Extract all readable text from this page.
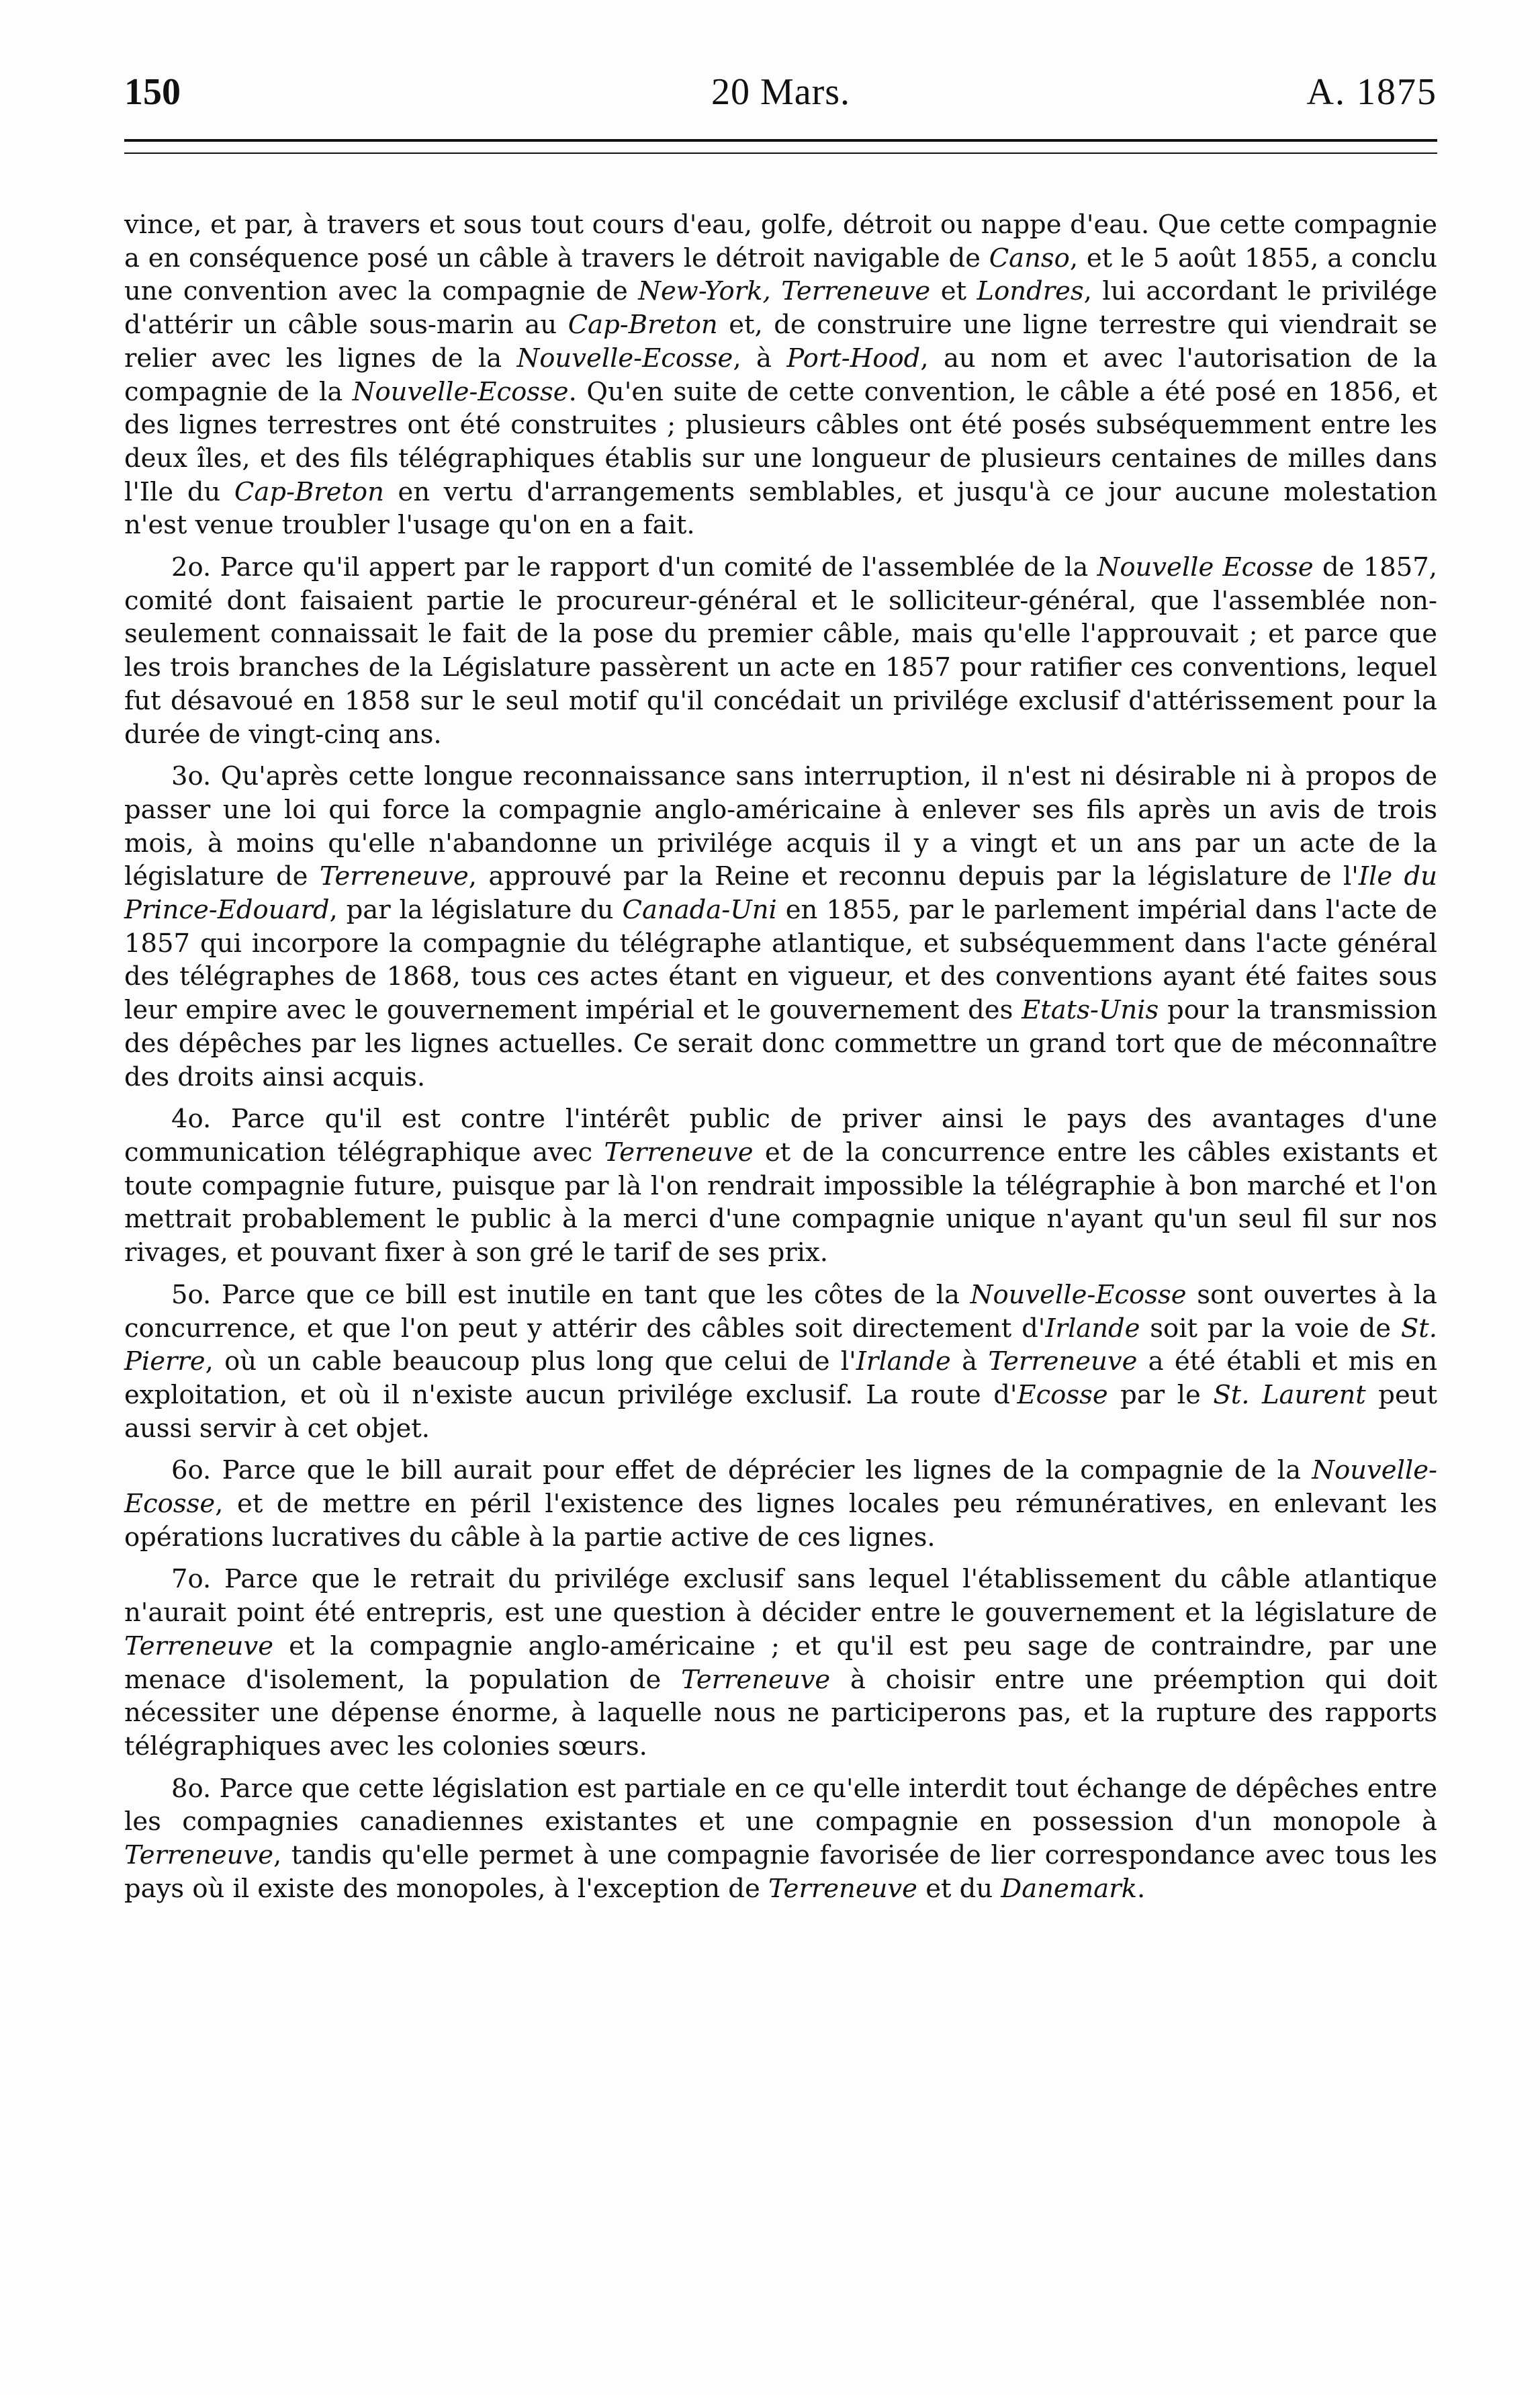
150	20 Mars.	A. 1875

vince, et par, à travers et sous tout cours d'eau, golfe, détroit ou nappe d'eau. Que cette compagnie a en conséquence posé un câble à travers le détroit navigable de Canso, et le 5 août 1855, a conclu une convention avec la compagnie de New-York, Terreneuve et Londres, lui accordant le privilége d'attérir un câble sous-marin au Cap-Breton et, de construire une ligne terrestre qui viendrait se relier avec les lignes de la Nouvelle-Ecosse, à Port-Hood, au nom et avec l'autorisation de la compagnie de la Nouvelle-Ecosse. Qu'en suite de cette convention, le câble a été posé en 1856, et des lignes terrestres ont été construites ; plusieurs câbles ont été posés subséquemment entre les deux îles, et des fils télégraphiques établis sur une longueur de plusieurs centaines de milles dans l'Ile du Cap-Breton en vertu d'arrangements semblables, et jusqu'à ce jour aucune molestation n'est venue troubler l'usage qu'on en a fait.

2o. Parce qu'il appert par le rapport d'un comité de l'assemblée de la Nouvelle Ecosse de 1857, comité dont faisaient partie le procureur-général et le solliciteur-général, que l'assemblée non-seulement connaissait le fait de la pose du premier câble, mais qu'elle l'approuvait ; et parce que les trois branches de la Législature passèrent un acte en 1857 pour ratifier ces conventions, lequel fut désavoué en 1858 sur le seul motif qu'il concédait un privilége exclusif d'attérissement pour la durée de vingt-cinq ans.

3o. Qu'après cette longue reconnaissance sans interruption, il n'est ni désirable ni à propos de passer une loi qui force la compagnie anglo-américaine à enlever ses fils après un avis de trois mois, à moins qu'elle n'abandonne un privilége acquis il y a vingt et un ans par un acte de la législature de Terreneuve, approuvé par la Reine et reconnu depuis par la législature de l'Ile du Prince-Edouard, par la législature du Canada-Uni en 1855, par le parlement impérial dans l'acte de 1857 qui incorpore la compagnie du télégraphe atlantique, et subséquemment dans l'acte général des télégraphes de 1868, tous ces actes étant en vigueur, et des conventions ayant été faites sous leur empire avec le gouvernement impérial et le gouvernement des Etats-Unis pour la transmission des dépêches par les lignes actuelles. Ce serait donc commettre un grand tort que de méconnaître des droits ainsi acquis.

4o. Parce qu'il est contre l'intérêt public de priver ainsi le pays des avantages d'une communication télégraphique avec Terreneuve et de la concurrence entre les câbles existants et toute compagnie future, puisque par là l'on rendrait impossible la télégraphie à bon marché et l'on mettrait probablement le public à la merci d'une compagnie unique n'ayant qu'un seul fil sur nos rivages, et pouvant fixer à son gré le tarif de ses prix.

5o. Parce que ce bill est inutile en tant que les côtes de la Nouvelle-Ecosse sont ouvertes à la concurrence, et que l'on peut y attérir des câbles soit directement d'Irlande soit par la voie de St. Pierre, où un cable beaucoup plus long que celui de l'Irlande à Terreneuve a été établi et mis en exploitation, et où il n'existe aucun privilége exclusif. La route d'Ecosse par le St. Laurent peut aussi servir à cet objet.

6o. Parce que le bill aurait pour effet de déprécier les lignes de la compagnie de la Nouvelle-Ecosse, et de mettre en péril l'existence des lignes locales peu rémunératives, en enlevant les opérations lucratives du câble à la partie active de ces lignes.

7o. Parce que le retrait du privilége exclusif sans lequel l'établissement du câble atlantique n'aurait point été entrepris, est une question à décider entre le gouvernement et la législature de Terreneuve et la compagnie anglo-américaine ; et qu'il est peu sage de contraindre, par une menace d'isolement, la population de Terreneuve à choisir entre une préemption qui doit nécessiter une dépense énorme, à laquelle nous ne participerons pas, et la rupture des rapports télégraphiques avec les colonies sœurs.

8o. Parce que cette législation est partiale en ce qu'elle interdit tout échange de dépêches entre les compagnies canadiennes existantes et une compagnie en possession d'un monopole à Terreneuve, tandis qu'elle permet à une compagnie favorisée de lier correspondance avec tous les pays où il existe des monopoles, à l'exception de Terreneuve et du Danemark.
